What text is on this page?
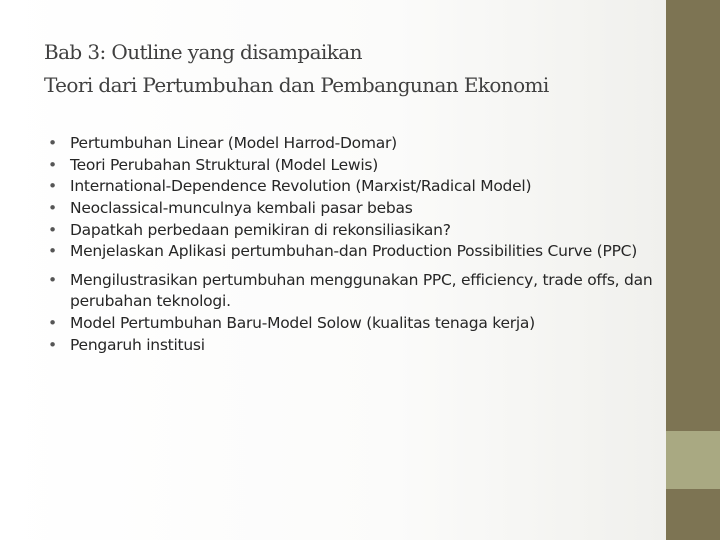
Bab 3: Outline yang disampaikan
Teori dari Pertumbuhan dan Pembangunan Ekonomi
• Pertumbuhan Linear (Model Harrod-Domar)
• Teori Perubahan Struktural (Model Lewis)
• International-Dependence Revolution (Marxist/Radical Model)
• Neoclassical-munculnya kembali pasar bebas
• Dapatkah perbedaan pemikiran di rekonsiliasikan?
• Menjelaskan Aplikasi pertumbuhan-dan Production Possibilities Curve (PPC)
• Mengilustrasikan pertumbuhan menggunakan PPC, efficiency, trade offs, dan perubahan teknologi.
• Model Pertumbuhan Baru-Model Solow (kualitas tenaga kerja)
• Pengaruh institusi
